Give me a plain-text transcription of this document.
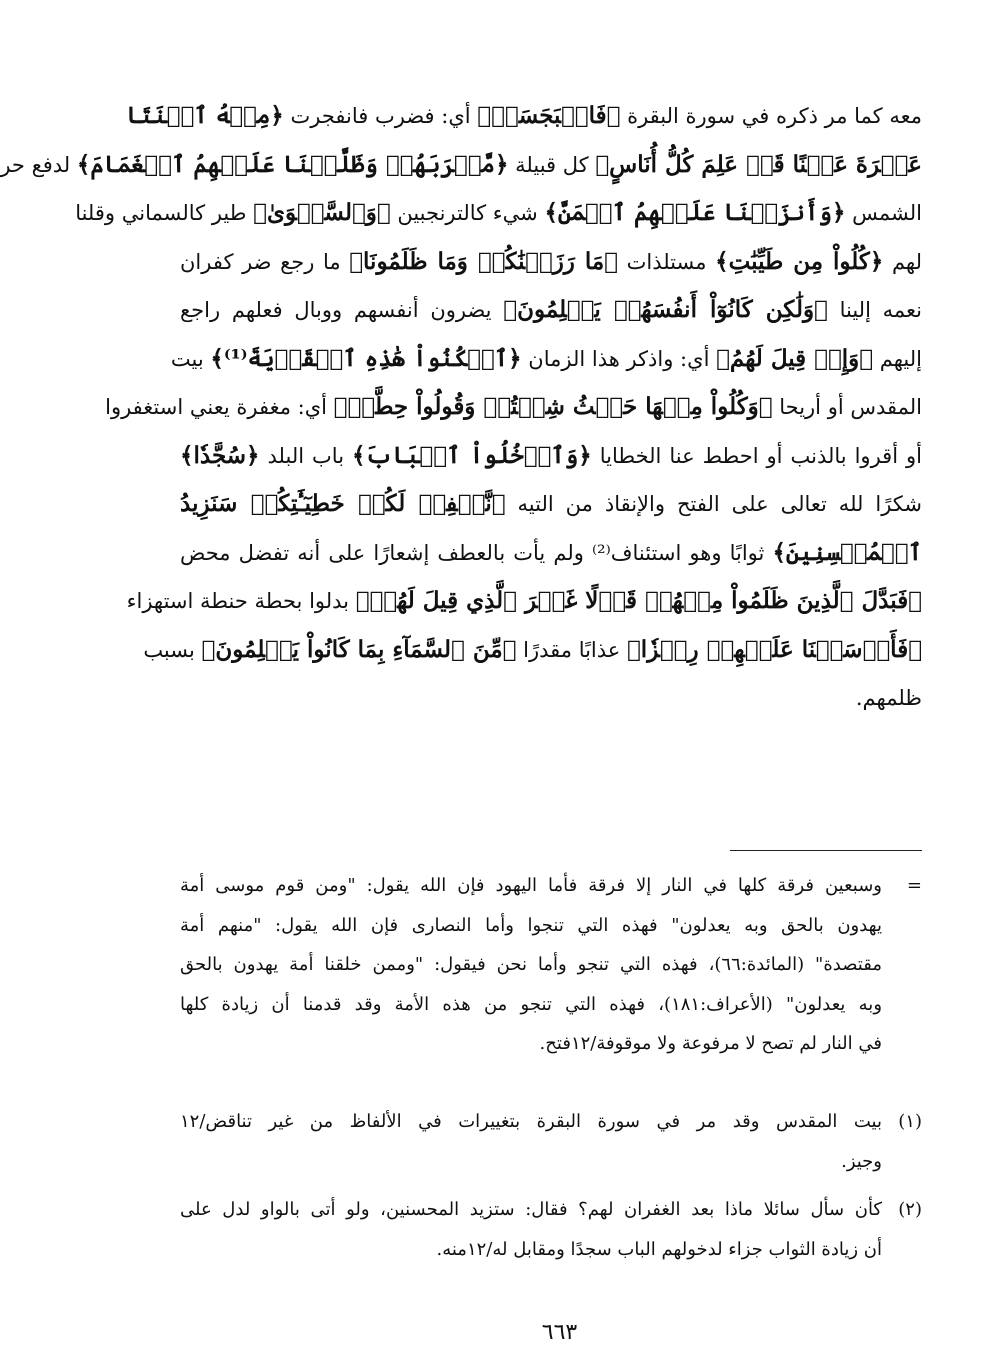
معه كما مر ذكره في سورة البقرة ﴿فَانۢبَجَسَتۡ﴾ أي: فضرب فانفجرت ﴿مِنۡهُ ٱثۡنَتَا
عَشۡرَةَ عَيۡنًا قَدۡ عَلِمَ كُلُّ أُنَاسٍ﴾ كل قبيلة ﴿مَّشۡرَبَهُمۡ وَظَلَّلۡنَا عَلَيۡهِمُ ٱلۡغَمَامَ﴾ لدفع حر
الشمس ﴿وَأَنزَلۡنَا عَلَيۡهِمُ ٱلۡمَنَّ﴾ شيء كالترنجبين ﴿وَٱلسَّلۡوَىٰ﴾ طير كالسماني وقلنا
لهم ﴿كُلُواْ مِن طَيِّبَٰتِ﴾ مستلذات ﴿مَا رَزَقۡنَٰكُمۡ وَمَا ظَلَمُونَا﴾ ما رجع ضر كفران
نعمه إلينا ﴿وَلَٰكِن كَانُوٓاْ أَنفُسَهُمۡ يَظۡلِمُونَ﴾ يضرون أنفسهم ووبال فعلهم راجع
إليهم ﴿وَإِذۡ قِيلَ لَهُمُ﴾ أي: واذكر هذا الزمان ﴿ٱسۡكُنُواْ هَٰذِهِ ٱلۡقَرۡيَةَ⁽¹⁾﴾ بيت
المقدس أو أريحا ﴿وَكُلُواْ مِنۡهَا حَيۡثُ شِئۡتُمۡ وَقُولُواْ حِطَّةٞ﴾ أي: مغفرة يعني استغفروا
أو أقروا بالذنب أو احطط عنا الخطايا ﴿وَٱدۡخُلُواْ ٱلۡبَابَ﴾ باب البلد ﴿سُجَّدٗا﴾
شكرًا لله تعالى على الفتح والإنقاذ من التيه ﴿نَّغۡفِرۡ لَكُمۡ خَطِيٓـَٰٔتِكُمۡ سَنَزِيدُ
ٱلۡمُحۡسِنِينَ﴾ ثوابًا وهو استئناف⁽²⁾ ولم يأت بالعطف إشعارًا على أنه تفضل محض
﴿فَبَدَّلَ ٱلَّذِينَ ظَلَمُواْ مِنۡهُمۡ قَوۡلًا غَيۡرَ ٱلَّذِي قِيلَ لَهُمۡ﴾ بدلوا بحطة حنطة استهزاء
﴿فَأَرۡسَلۡنَا عَلَيۡهِمۡ رِجۡزٗا﴾ عذابًا مقدرًا ﴿مِّنَ ٱلسَّمَآءِ بِمَا كَانُواْ يَظۡلِمُونَ﴾ بسبب
ظلمهم.
=
وسبعين فرقة كلها في النار إلا فرقة فأما اليهود فإن الله يقول: "ومن قوم موسى أمة
يهدون بالحق وبه يعدلون" فهذه التي تنجوا وأما النصارى فإن الله يقول: "منهم أمة
مقتصدة" (المائدة:٦٦)، فهذه التي تنجو وأما نحن فيقول: "وممن خلقنا أمة يهدون بالحق
وبه يعدلون" (الأعراف:١٨١)، فهذه التي تنجو من هذه الأمة وقد قدمنا أن زيادة كلها
في النار لم تصح لا مرفوعة ولا موقوفة/١٢فتح.
(١)
بيت المقدس وقد مر في سورة البقرة بتغييرات في الألفاظ من غير تناقض/١٢
وجيز.
(٢)
كأن سأل سائلا ماذا بعد الغفران لهم؟ فقال: ستزيد المحسنين، ولو أتى بالواو لدل على
أن زيادة الثواب جزاء لدخولهم الباب سجدًا ومقابل له/١٢منه.
٦٦٣
